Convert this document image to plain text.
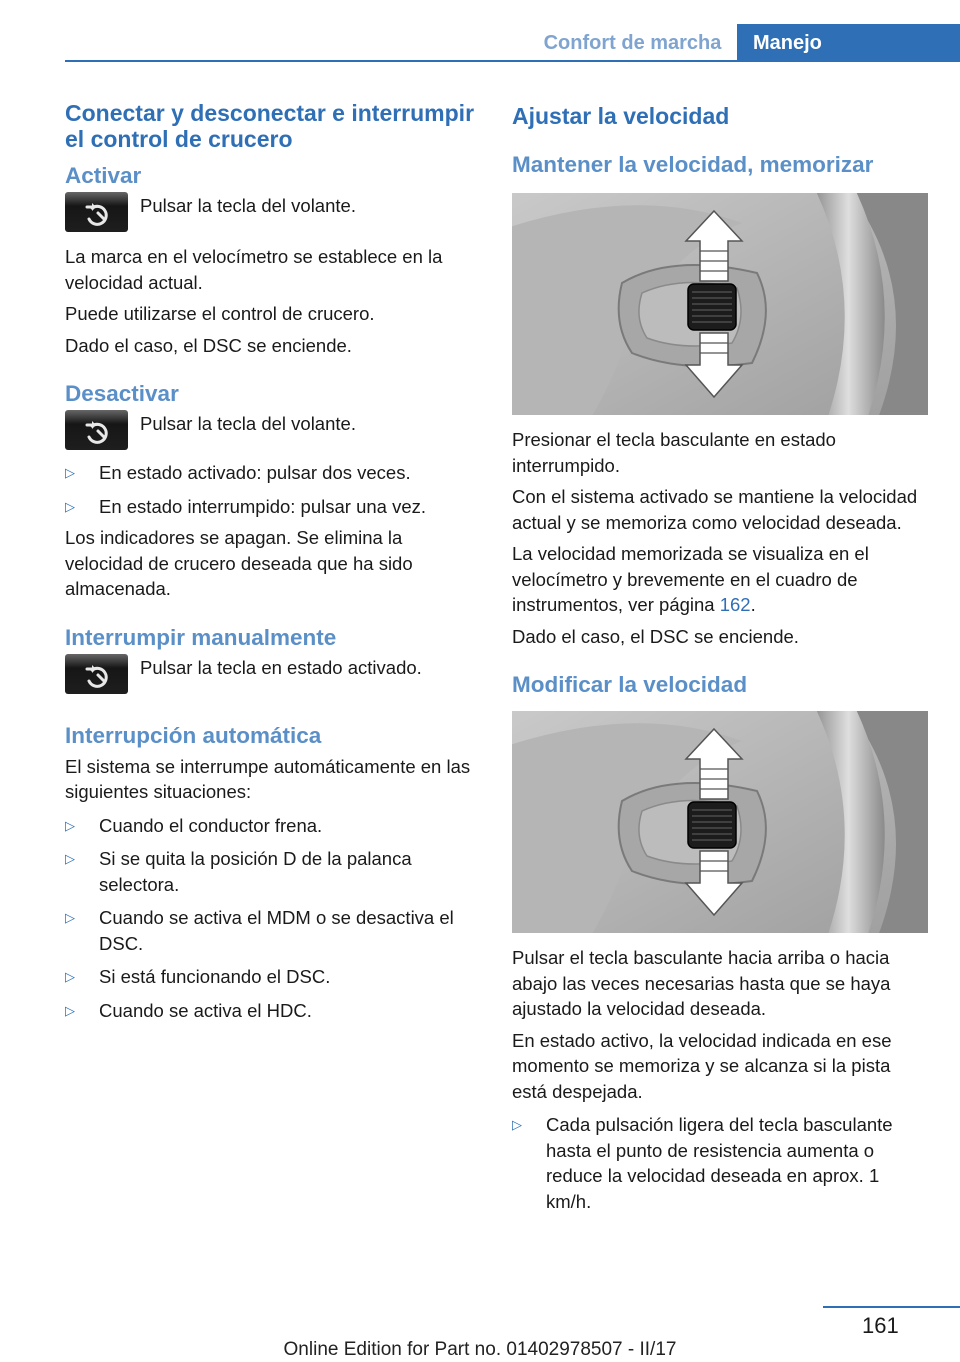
Confort de marcha	Manejo
Conectar y desconectar e interrumpir el control de crucero
Activar

Pulsar la tecla del volante.

La marca en el velocímetro se establece en la velocidad actual.

Puede utilizarse el control de crucero.

Dado el caso, el DSC se enciende.

Desactivar

Pulsar la tecla del volante.

▷ En estado activado: pulsar dos veces.
▷ En estado interrumpido: pulsar una vez.

Los indicadores se apagan. Se elimina la velocidad de crucero deseada que ha sido almacenada.

Interrumpir manualmente

Pulsar la tecla en estado activado.

Interrupción automática

El sistema se interrumpe automáticamente en las siguientes situaciones:

▷ Cuando el conductor frena.
▷ Si se quita la posición D de la palanca selectora.
▷ Cuando se activa el MDM o se desactiva el DSC.
▷ Si está funcionando el DSC.
▷ Cuando se activa el HDC.
Ajustar la velocidad
Mantener la velocidad, memorizar

Presionar el tecla basculante en estado interrumpido.

Con el sistema activado se mantiene la velocidad actual y se memoriza como velocidad deseada.

La velocidad memorizada se visualiza en el velocímetro y brevemente en el cuadro de instrumentos, ver página 162.

Dado el caso, el DSC se enciende.

Modificar la velocidad

Pulsar el tecla basculante hacia arriba o hacia abajo las veces necesarias hasta que se haya ajustado la velocidad deseada.

En estado activo, la velocidad indicada en ese momento se memoriza y se alcanza si la pista está despejada.

▷ Cada pulsación ligera del tecla basculante hasta el punto de resistencia aumenta o reduce la velocidad deseada en aprox. 1 km/h.
161
Online Edition for Part no. 01402978507 - II/17
